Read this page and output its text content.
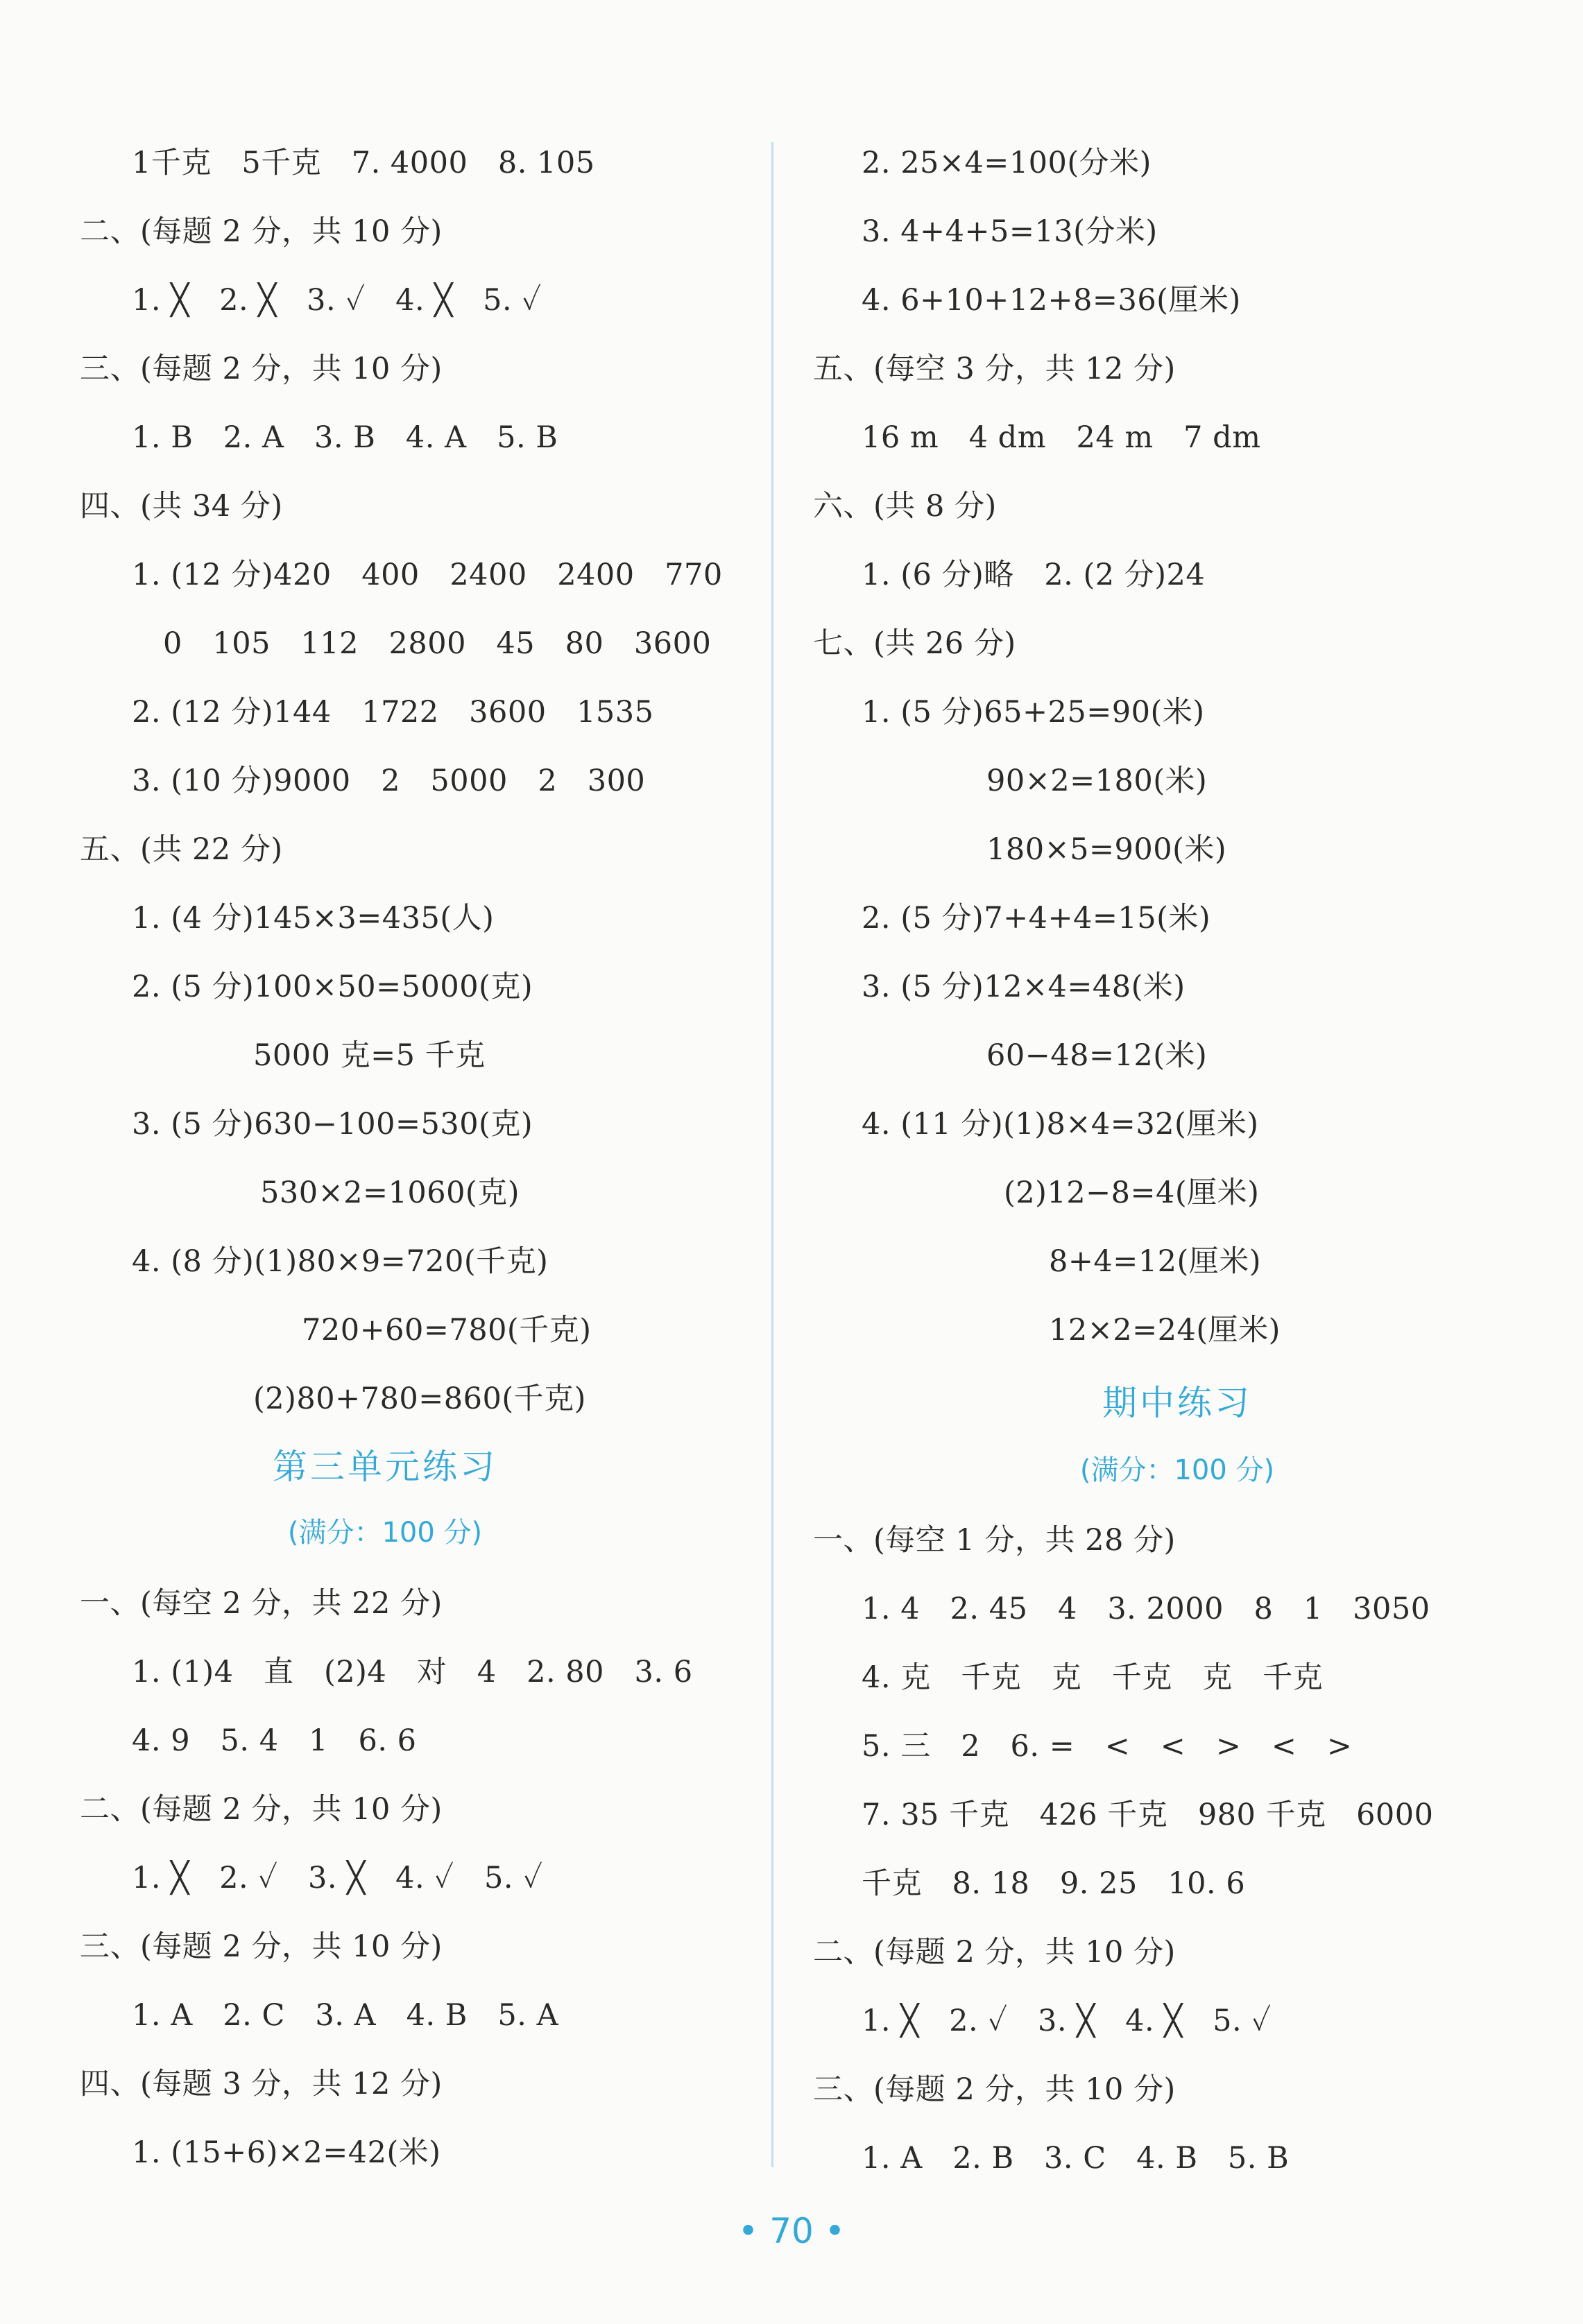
1千克　5千克　7. 4000　8. 105
二、(每题 2 分，共 10 分)
1. ╳　2. ╳　3. ✓　4. ╳　5. ✓
三、(每题 2 分，共 10 分)
1. B　2. A　3. B　4. A　5. B
四、(共 34 分)
1. (12 分)420　400　2400　2400　770
0　105　112　2800　45　80　3600
2. (12 分)144　1722　3600　1535
3. (10 分)9000　2　5000　2　300
五、(共 22 分)
1. (4 分)145×3=435(人)
2. (5 分)100×50=5000(克)
5000 克=5 千克
3. (5 分)630−100=530(克)
530×2=1060(克)
4. (8 分)(1)80×9=720(千克)
720+60=780(千克)
(2)80+780=860(千克)
第三单元练习
(满分：100 分)
一、(每空 2 分，共 22 分)
1. (1)4　直　(2)4　对　4　2. 80　3. 6
4. 9　5. 4　1　6. 6
二、(每题 2 分，共 10 分)
1. ╳　2. ✓　3. ╳　4. ✓　5. ✓
三、(每题 2 分，共 10 分)
1. A　2. C　3. A　4. B　5. A
四、(每题 3 分，共 12 分)
1. (15+6)×2=42(米)
2. 25×4=100(分米)
3. 4+4+5=13(分米)
4. 6+10+12+8=36(厘米)
五、(每空 3 分，共 12 分)
16 m　4 dm　24 m　7 dm
六、(共 8 分)
1. (6 分)略　2. (2 分)24
七、(共 26 分)
1. (5 分)65+25=90(米)
90×2=180(米)
180×5=900(米)
2. (5 分)7+4+4=15(米)
3. (5 分)12×4=48(米)
60−48=12(米)
4. (11 分)(1)8×4=32(厘米)
(2)12−8=4(厘米)
8+4=12(厘米)
12×2=24(厘米)
期中练习
(满分：100 分)
一、(每空 1 分，共 28 分)
1. 4　2. 45　4　3. 2000　8　1　3050
4. 克　千克　克　千克　克　千克
5. 三　2　6. =　<　<　>　<　>
7. 35 千克　426 千克　980 千克　6000
千克　8. 18　9. 25　10. 6
二、(每题 2 分，共 10 分)
1. ╳　2. ✓　3. ╳　4. ╳　5. ✓
三、(每题 2 分，共 10 分)
1. A　2. B　3. C　4. B　5. B
• 70 •
